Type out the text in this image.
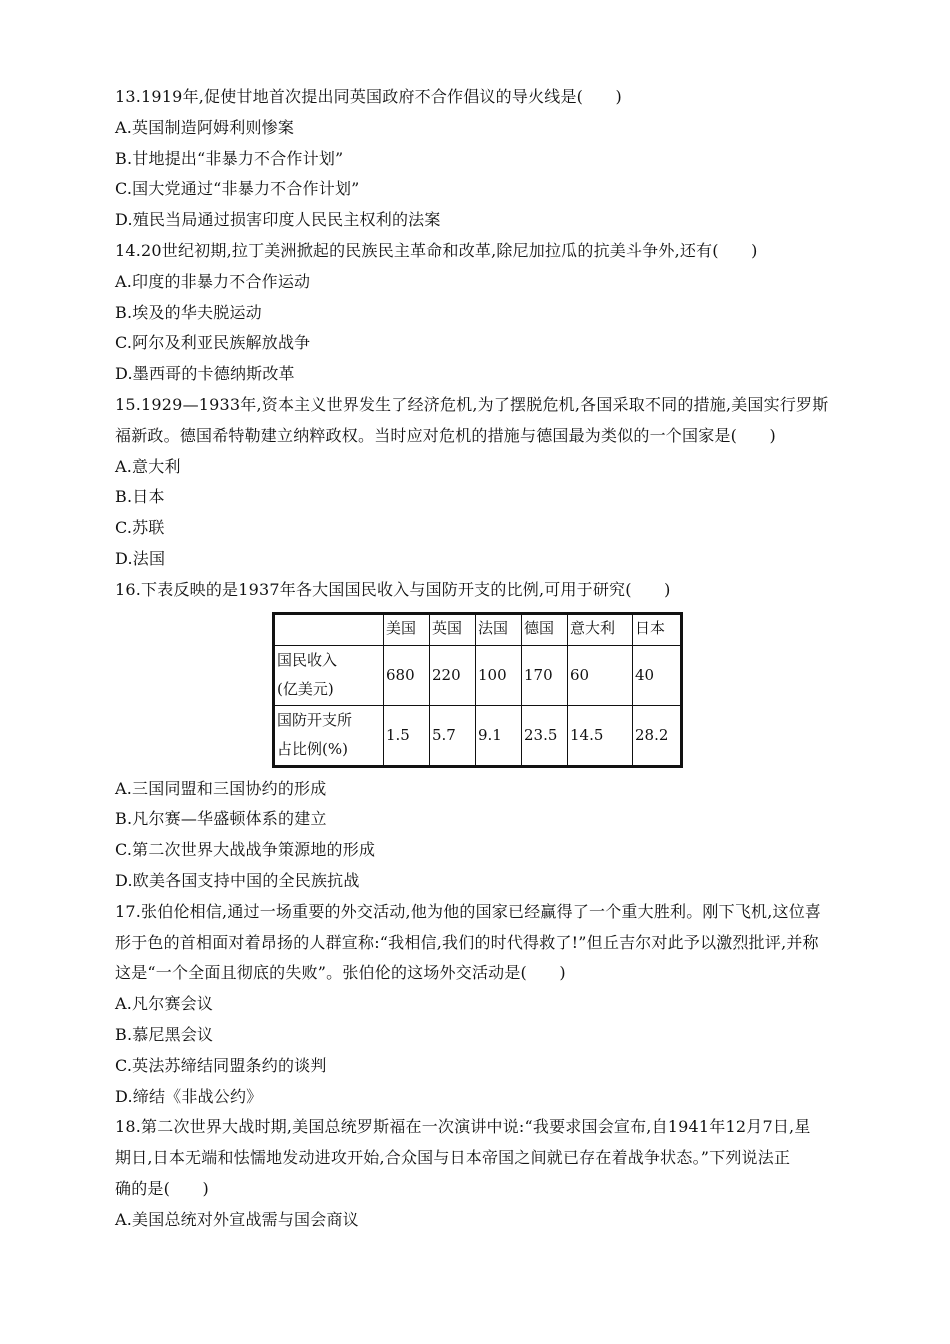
13.1919年,促使甘地首次提出同英国政府不合作倡议的导火线是(　　)
A.英国制造阿姆利则惨案
B.甘地提出“非暴力不合作计划”
C.国大党通过“非暴力不合作计划”
D.殖民当局通过损害印度人民民主权利的法案
14.20世纪初期,拉丁美洲掀起的民族民主革命和改革,除尼加拉瓜的抗美斗争外,还有(　　)
A.印度的非暴力不合作运动
B.埃及的华夫脱运动
C.阿尔及利亚民族解放战争
D.墨西哥的卡德纳斯改革
15.1929—1933年,资本主义世界发生了经济危机,为了摆脱危机,各国采取不同的措施,美国实行罗斯
福新政。德国希特勒建立纳粹政权。当时应对危机的措施与德国最为类似的一个国家是(　　)
A.意大利
B.日本
C.苏联
D.法国
16.下表反映的是1937年各大国国民收入与国防开支的比例,可用于研究(　　)
	美国	英国	法国	德国	意大利	日本
国民收入
(亿美元)	680	220	100	170	60	40
国防开支所
占比例(%)	1.5	5.7	9.1	23.5	14.5	28.2
A.三国同盟和三国协约的形成
B.凡尔赛—华盛顿体系的建立
C.第二次世界大战战争策源地的形成
D.欧美各国支持中国的全民族抗战
17.张伯伦相信,通过一场重要的外交活动,他为他的国家已经赢得了一个重大胜利。刚下飞机,这位喜
形于色的首相面对着昂扬的人群宣称:“我相信,我们的时代得救了!”但丘吉尔对此予以激烈批评,并称
这是“一个全面且彻底的失败”。张伯伦的这场外交活动是(　　)
A.凡尔赛会议
B.慕尼黑会议
C.英法苏缔结同盟条约的谈判
D.缔结《非战公约》
18.第二次世界大战时期,美国总统罗斯福在一次演讲中说:“我要求国会宣布,自1941年12月7日,星
期日,日本无端和怯懦地发动进攻开始,合众国与日本帝国之间就已存在着战争状态。”下列说法正
确的是(　　)
A.美国总统对外宣战需与国会商议
